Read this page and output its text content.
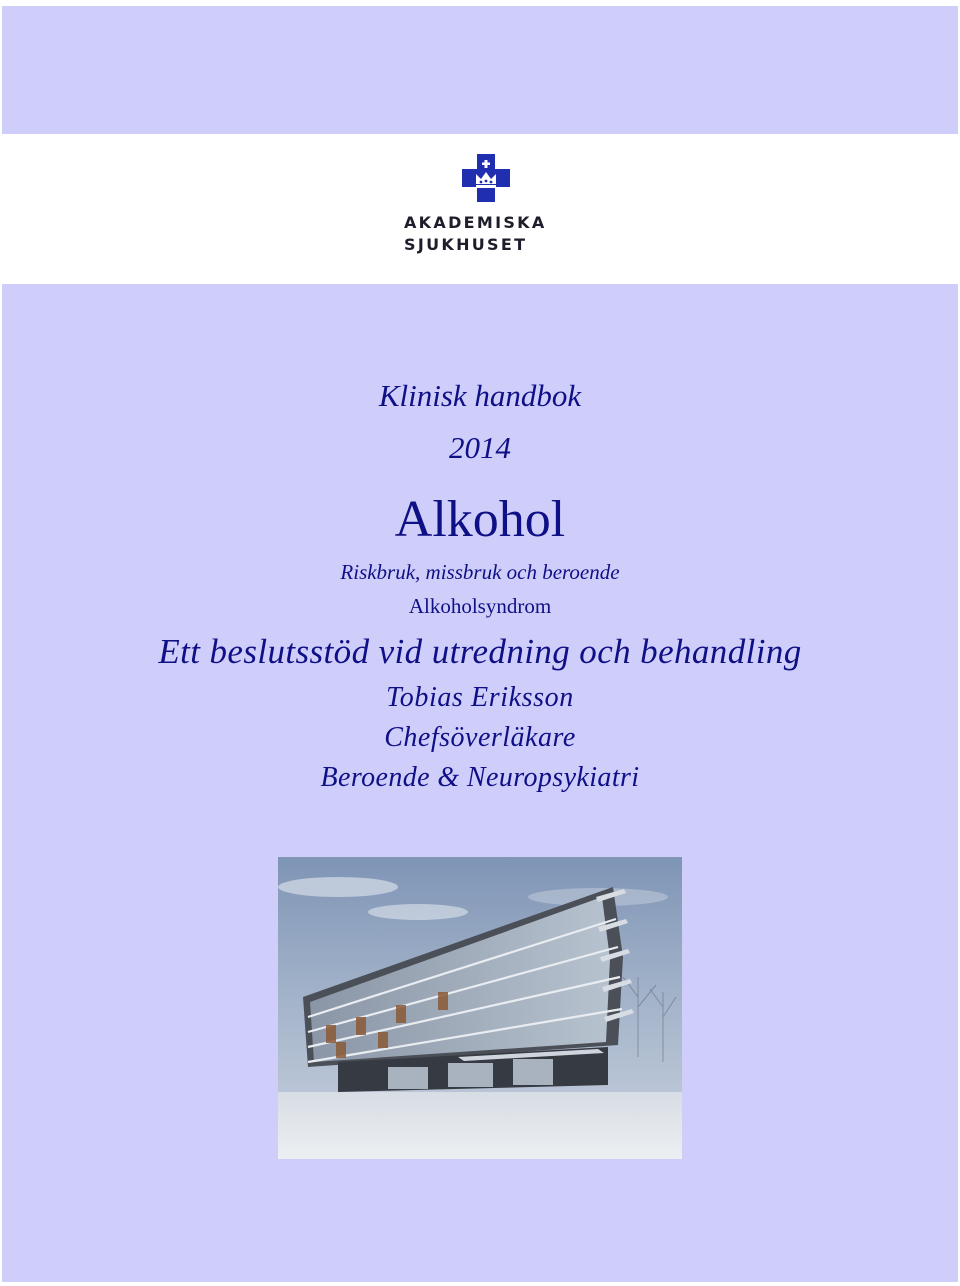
AKADEMISKA
SJUKHUSET
Klinisk handbok
2014
Alkohol
Riskbruk, missbruk och beroende
Alkoholsyndrom
Ett beslutsstöd vid utredning och behandling
Tobias Eriksson
Chefsöverläkare
Beroende & Neuropsykiatri
